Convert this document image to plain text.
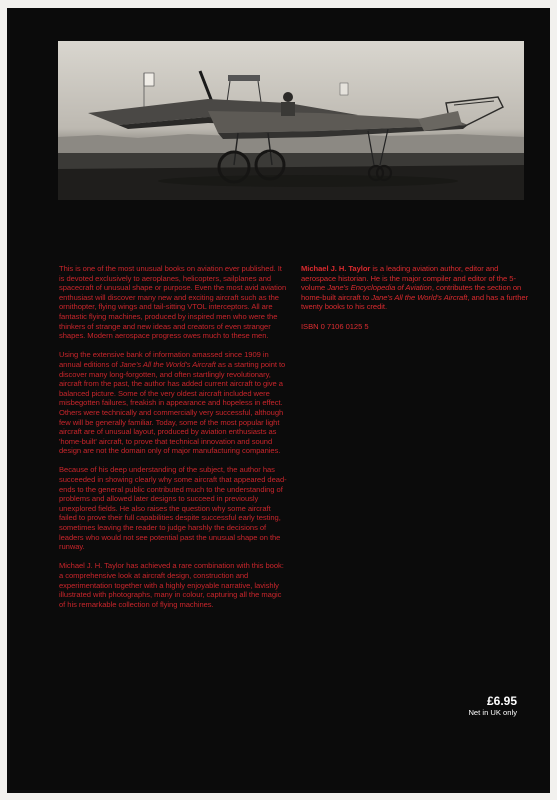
This is one of the most unusual books on aviation ever published. It is devoted exclusively to aeroplanes, helicopters, sailplanes and spacecraft of unusual shape or purpose. Even the most avid aviation enthusiast will discover many new and exciting aircraft such as the ornithopter, flying wings and tail-sitting VTOL interceptors. All are fantastic flying machines, produced by inspired men who were the thinkers of strange and new ideas and creators of even stranger shapes. Modern aerospace progress owes much to these men.

Using the extensive bank of information amassed since 1909 in annual editions of Jane's All the World's Aircraft as a starting point to discover many long-forgotten, and often startlingly revolutionary, aircraft from the past, the author has added current aircraft to give a balanced picture. Some of the very oldest aircraft included were misbegotten failures, freakish in appearance and hopeless in effect. Others were technically and commercially very successful, although few will be generally familiar. Today, some of the most popular light aircraft are of unusual layout, produced by aviation enthusiasts as 'home-built' aircraft, to prove that technical innovation and sound design are not the domain only of major manufacturing companies.

Because of his deep understanding of the subject, the author has succeeded in showing clearly why some aircraft that appeared dead-ends to the general public contributed much to the understanding of problems and allowed later designs to succeed in previously unexplored fields. He also raises the question why some aircraft failed to prove their full capabilities despite successful early testing, sometimes leaving the reader to judge harshly the decisions of leaders who would not see potential past the unusual shape on the runway.

Michael J. H. Taylor has achieved a rare combination with this book: a comprehensive look at aircraft design, construction and experimentation together with a highly enjoyable narrative, lavishly illustrated with photographs, many in colour, capturing all the magic of his remarkable collection of flying machines.

Michael J. H. Taylor is a leading aviation author, editor and aerospace historian. He is the major compiler and editor of the 5-volume Jane's Encyclopedia of Aviation, contributes the section on home-built aircraft to Jane's All the World's Aircraft, and has a further twenty books to his credit.

ISBN 0 7106 0125 5

£6.95
Net in UK only
